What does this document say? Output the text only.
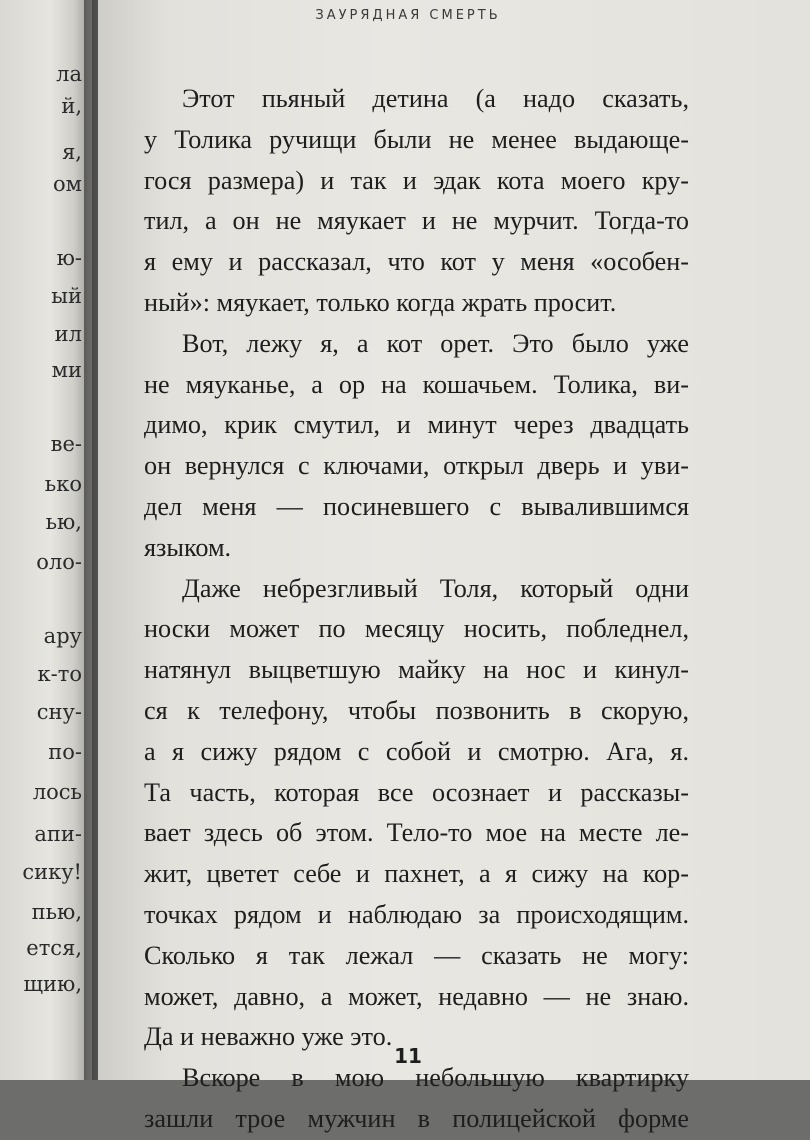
ла
й,
я,
ом
ю-
ый
ил
ми
ве-
ько
ью,
оло-
ару
к-то
сну-
по-
лось
апи-
сику!
пью,
ется,
щию,
ЗАУРЯДНАЯ СМЕРТЬ
Этот пьяный детина (а надо сказать,
у Толика ручищи были не менее выдающе-
гося размера) и так и эдак кота моего кру-
тил, а он не мяукает и не мурчит. Тогда-то
я ему и рассказал, что кот у меня «особен-
ный»: мяукает, только когда жрать просит.
Вот, лежу я, а кот орет. Это было уже
не мяуканье, а ор на кошачьем. Толика, ви-
димо, крик смутил, и минут через двадцать
он вернулся с ключами, открыл дверь и уви-
дел меня — посиневшего с вывалившимся
языком.
Даже небрезгливый Толя, который одни
носки может по месяцу носить, побледнел,
натянул выцветшую майку на нос и кинул-
ся к телефону, чтобы позвонить в скорую,
а я сижу рядом с собой и смотрю. Ага, я.
Та часть, которая все осознает и рассказы-
вает здесь об этом. Тело-то мое на месте ле-
жит, цветет себе и пахнет, а я сижу на кор-
точках рядом и наблюдаю за происходящим.
Сколько я так лежал — сказать не могу:
может, давно, а может, недавно — не знаю.
Да и неважно уже это.
Вскоре в мою небольшую квартирку
зашли трое мужчин в полицейской форме
11
